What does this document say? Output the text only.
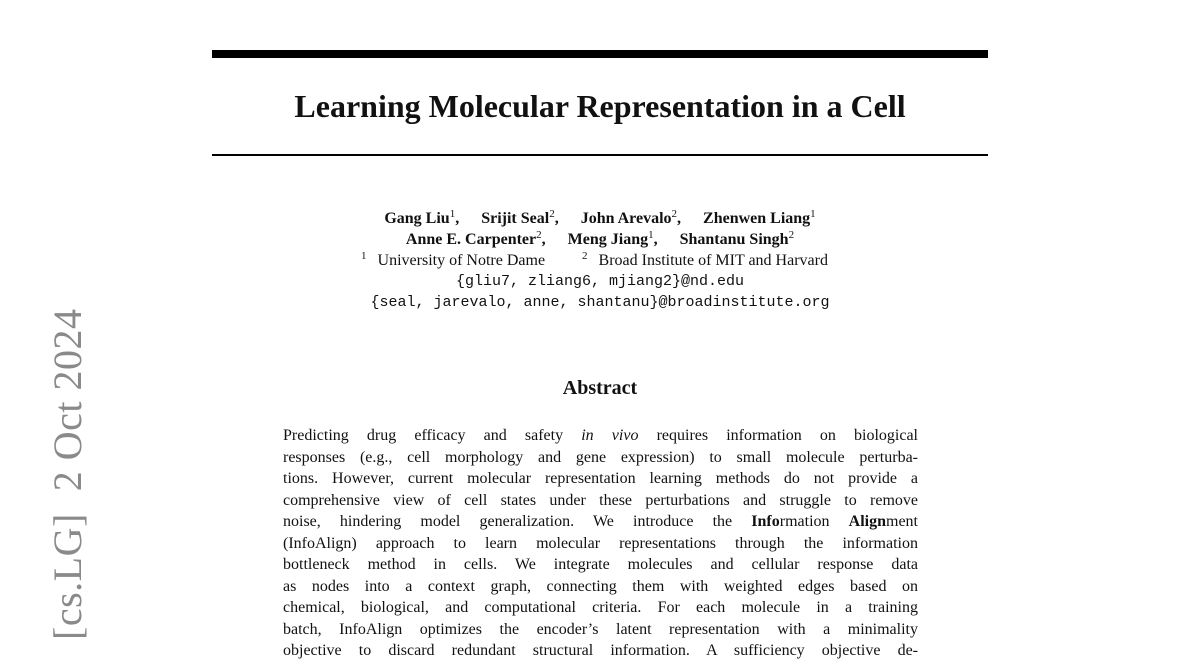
Learning Molecular Representation in a Cell
[cs.LG]2 Oct 2024
Gang Liu$^1$, Srijit Seal$^2$, John Arevalo$^2$, Zhenwen Liang$^1$
Anne E. Carpenter$^2$, Meng Jiang$^1$, Shantanu Singh$^2$
$^1$ University of Notre Dame	$^2$ Broad Institute of MIT and Harvard
{gliu7, zliang6, mjiang2}@nd.edu
{seal, jarevalo, anne, shantanu}@broadinstitute.org
Abstract
Predicting drug efficacy and safety in vivo requires information on biological
responses (e.g., cell morphology and gene expression) to small molecule perturba-
tions. However, current molecular representation learning methods do not provide a
comprehensive view of cell states under these perturbations and struggle to remove
noise, hindering model generalization. We introduce the Information Alignment
(InfoAlign) approach to learn molecular representations through the information
bottleneck method in cells. We integrate molecules and cellular response data
as nodes into a context graph, connecting them with weighted edges based on
chemical, biological, and computational criteria. For each molecule in a training
batch, InfoAlign optimizes the encoder’s latent representation with a minimality
objective to discard redundant structural information. A sufficiency objective de-
